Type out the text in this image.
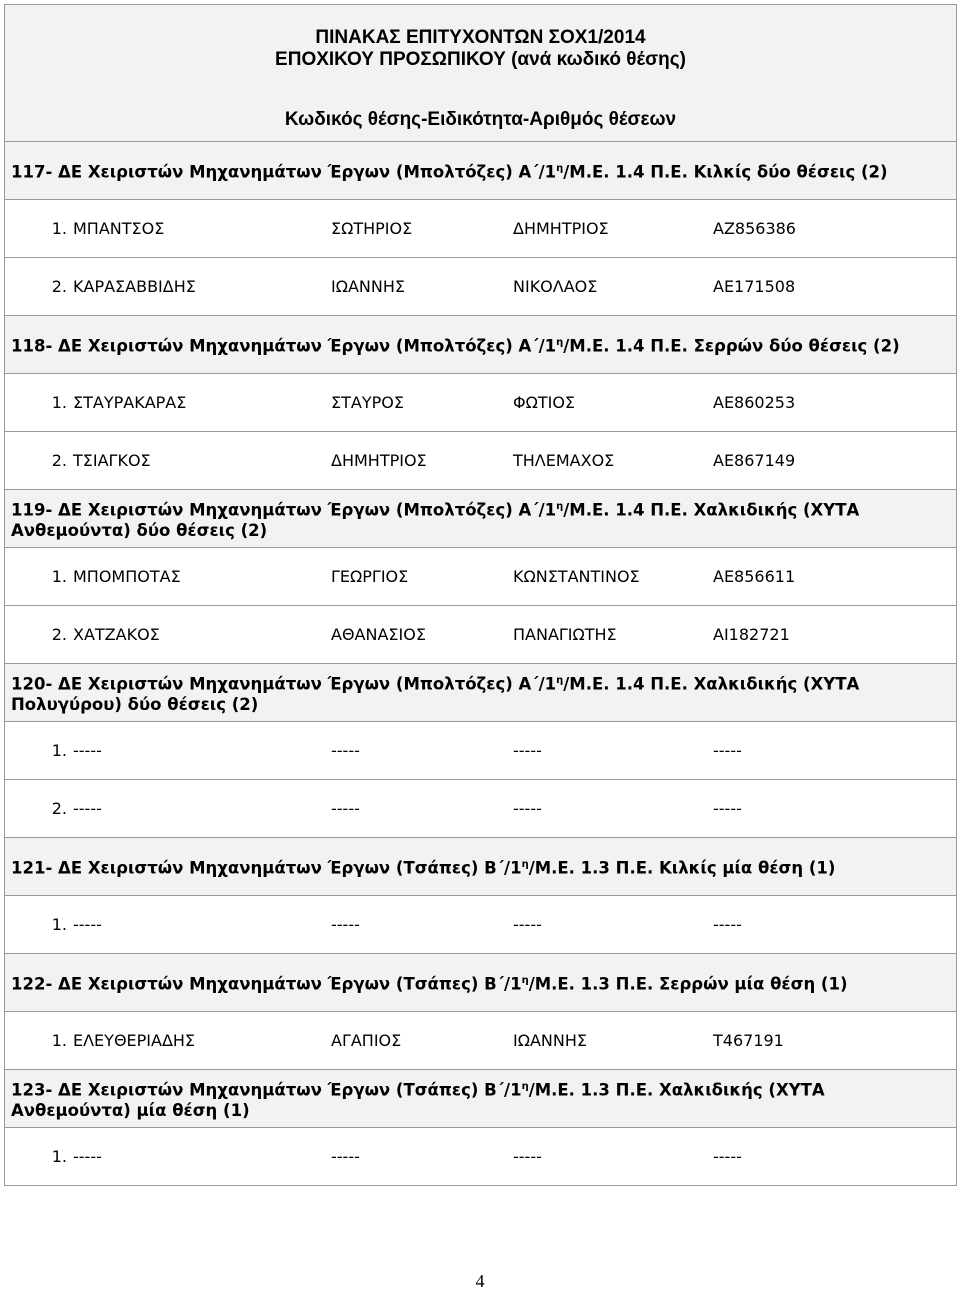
ΠΙΝΑΚΑΣ ΕΠΙΤΥΧΟΝΤΩΝ ΣΟΧ1/2014
ΕΠΟΧΙΚΟΥ ΠΡΟΣΩΠΙΚΟΥ (ανά κωδικό θέσης)
Κωδικός θέσης-Ειδικότητα-Αριθμός θέσεων

117- ΔΕ Χειριστών Μηχανημάτων Έργων (Μπολτόζες) $A΄/1^\eta/M.E$. 1.4 Π.Ε. Κιλκίς δύο θέσεις (2)

1. ΜΠΑΝΤΣΟΣ	ΣΩΤΗΡΙΟΣ	ΔΗΜΗΤΡΙΟΣ	ΑΖ856386

2. ΚΑΡΑΣΑΒΒΙΔΗΣ	ΙΩΑΝΝΗΣ	ΝΙΚΟΛΑΟΣ	ΑΕ171508

118- ΔΕ Χειριστών Μηχανημάτων Έργων (Μπολτόζες) $A΄/1^\eta/M.E$. 1.4 Π.Ε. Σερρών δύο θέσεις (2)

1. ΣΤΑΥΡΑΚΑΡΑΣ	ΣΤΑΥΡΟΣ	ΦΩΤΙΟΣ	ΑΕ860253

2. ΤΣΙΑΓΚΟΣ	ΔΗΜΗΤΡΙΟΣ	ΤΗΛΕΜΑΧΟΣ	ΑΕ867149

119- ΔΕ Χειριστών Μηχανημάτων Έργων (Μπολτόζες) $A΄/1^\eta/M.E$. 1.4 Π.Ε. Χαλκιδικής (ΧΥΤΑ Ανθεμούντα) δύο θέσεις (2)

1. ΜΠΟΜΠΟΤΑΣ	ΓΕΩΡΓΙΟΣ	ΚΩΝΣΤΑΝΤΙΝΟΣ	ΑΕ856611

2. ΧΑΤΖΑΚΟΣ	ΑΘΑΝΑΣΙΟΣ	ΠΑΝΑΓΙΩΤΗΣ	ΑΙ182721

120- ΔΕ Χειριστών Μηχανημάτων Έργων (Μπολτόζες) $A΄/1^\eta/M.E$. 1.4 Π.Ε. Χαλκιδικής (ΧΥΤΑ Πολυγύρου) δύο θέσεις (2)

1. -----	-----	-----	-----

2. -----	-----	-----	-----

121- ΔΕ Χειριστών Μηχανημάτων Έργων (Τσάπες) $B΄/1^\eta/M.E$. 1.3 Π.Ε. Κιλκίς μία θέση (1)

1. -----	-----	-----	-----

122- ΔΕ Χειριστών Μηχανημάτων Έργων (Τσάπες) $B΄/1^\eta/M.E$. 1.3 Π.Ε. Σερρών μία θέση (1)

1. ΕΛΕΥΘΕΡΙΑΔΗΣ	ΑΓΑΠΙΟΣ	ΙΩΑΝΝΗΣ	Τ467191

123- ΔΕ Χειριστών Μηχανημάτων Έργων (Τσάπες) $B΄/1^\eta/M.E$. 1.3 Π.Ε. Χαλκιδικής (ΧΥΤΑ Ανθεμούντα) μία θέση (1)

1. -----	-----	-----	-----
4
